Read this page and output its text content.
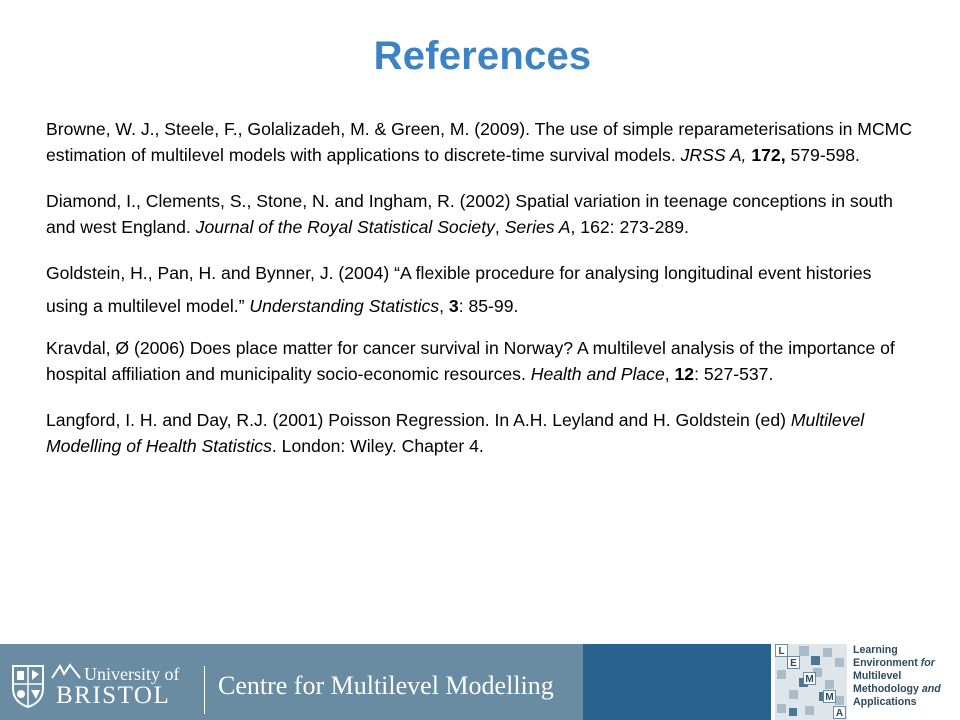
References

Browne, W. J., Steele, F., Golalizadeh, M. & Green, M. (2009). The use of simple reparameterisations in MCMC estimation of multilevel models with applications to discrete-time survival models. JRSS A, 172, 579-598.

Diamond, I., Clements, S., Stone, N. and Ingham, R. (2002) Spatial variation in teenage conceptions in south and west England. Journal of the Royal Statistical Society, Series A, 162: 273-289.

Goldstein, H., Pan, H. and Bynner, J. (2004) “A flexible procedure for analysing longitudinal event histories using a multilevel model.” Understanding Statistics, 3: 85-99.

Kravdal, Ø (2006) Does place matter for cancer survival in Norway? A multilevel analysis of the importance of hospital affiliation and municipality socio-economic resources. Health and Place, 12: 527-537.

Langford, I. H. and Day, R.J. (2001) Poisson Regression. In A.H. Leyland and H. Goldstein (ed) Multilevel Modelling of Health Statistics. London: Wiley. Chapter 4.

University of
BRISTOL Centre for Multilevel Modelling
L
E
M
M
A
Learning
Environment for
Multilevel
Methodology and
Applications
